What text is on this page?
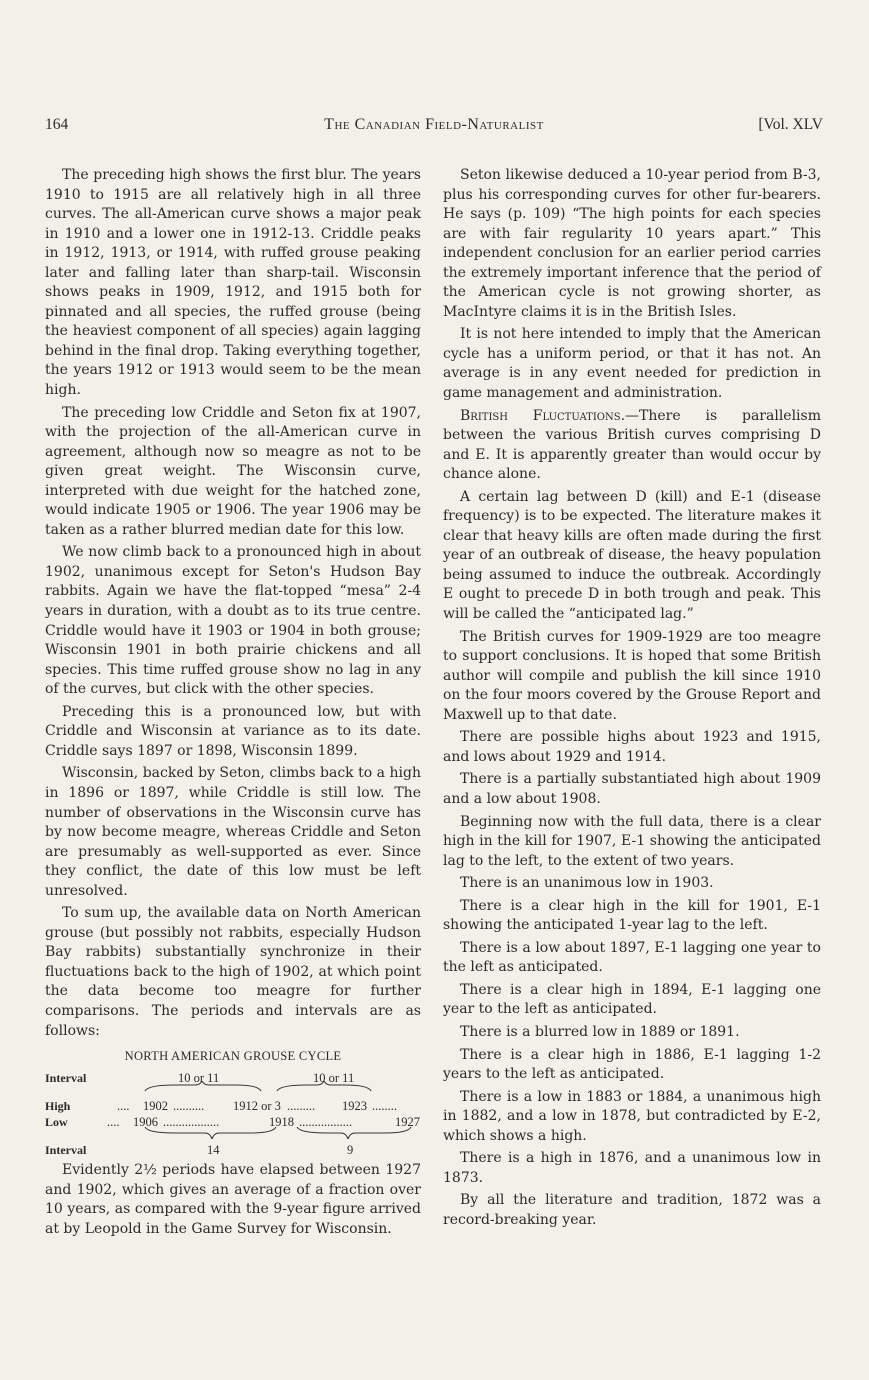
164	The Canadian Field-Naturalist	[Vol. XLV

The preceding high shows the first blur. The years 1910 to 1915 are all relatively high in all three curves. The all-American curve shows a major peak in 1910 and a lower one in 1912-13. Criddle peaks in 1912, 1913, or 1914, with ruffed grouse peaking later and falling later than sharp-tail. Wisconsin shows peaks in 1909, 1912, and 1915 both for pinnated and all species, the ruffed grouse (being the heaviest component of all species) again lagging behind in the final drop. Taking everything together, the years 1912 or 1913 would seem to be the mean high.

The preceding low Criddle and Seton fix at 1907, with the projection of the all-American curve in agreement, although now so meagre as not to be given great weight. The Wisconsin curve, interpreted with due weight for the hatched zone, would indicate 1905 or 1906. The year 1906 may be taken as a rather blurred median date for this low.

We now climb back to a pronounced high in about 1902, unanimous except for Seton's Hudson Bay rabbits. Again we have the flat-topped “mesa” 2-4 years in duration, with a doubt as to its true centre. Criddle would have it 1903 or 1904 in both grouse; Wisconsin 1901 in both prairie chickens and all species. This time ruffed grouse show no lag in any of the curves, but click with the other species.

Preceding this is a pronounced low, but with Criddle and Wisconsin at variance as to its date. Criddle says 1897 or 1898, Wisconsin 1899.

Wisconsin, backed by Seton, climbs back to a high in 1896 or 1897, while Criddle is still low. The number of observations in the Wisconsin curve has by now become meagre, whereas Criddle and Seton are presumably as well-supported as ever. Since they conflict, the date of this low must be left unresolved.

To sum up, the available data on North American grouse (but possibly not rabbits, especially Hudson Bay rabbits) substantially synchronize in their fluctuations back to the high of 1902, at which point the data become too meagre for further comparisons. The periods and intervals are as follows:

NORTH AMERICAN GROUSE CYCLE
Interval	10 or 11	10 or 11
High	.... 1902 .......... 1912 or 3 ......... 1923 ........
Low	.... 1906 ..................	1918 .................	1927
Interval	14	9

Evidently 2½ periods have elapsed between 1927 and 1902, which gives an average of a fraction over 10 years, as compared with the 9-year figure arrived at by Leopold in the Game Survey for Wisconsin.

Seton likewise deduced a 10-year period from B-3, plus his corresponding curves for other fur-bearers. He says (p. 109) “The high points for each species are with fair regularity 10 years apart.” This independent conclusion for an earlier period carries the extremely important inference that the period of the American cycle is not growing shorter, as MacIntyre claims it is in the British Isles.

It is not here intended to imply that the American cycle has a uniform period, or that it has not. An average is in any event needed for prediction in game management and administration.

British Fluctuations.—There is parallelism between the various British curves comprising D and E. It is apparently greater than would occur by chance alone.

A certain lag between D (kill) and E-1 (disease frequency) is to be expected. The literature makes it clear that heavy kills are often made during the first year of an outbreak of disease, the heavy population being assumed to induce the outbreak. Accordingly E ought to precede D in both trough and peak. This will be called the “anticipated lag.”

The British curves for 1909-1929 are too meagre to support conclusions. It is hoped that some British author will compile and publish the kill since 1910 on the four moors covered by the Grouse Report and Maxwell up to that date.

There are possible highs about 1923 and 1915, and lows about 1929 and 1914.

There is a partially substantiated high about 1909 and a low about 1908.

Beginning now with the full data, there is a clear high in the kill for 1907, E-1 showing the anticipated lag to the left, to the extent of two years.

There is an unanimous low in 1903.

There is a clear high in the kill for 1901, E-1 showing the anticipated 1-year lag to the left.

There is a low about 1897, E-1 lagging one year to the left as anticipated.

There is a clear high in 1894, E-1 lagging one year to the left as anticipated.

There is a blurred low in 1889 or 1891.

There is a clear high in 1886, E-1 lagging 1-2 years to the left as anticipated.

There is a low in 1883 or 1884, a unanimous high in 1882, and a low in 1878, but contradicted by E-2, which shows a high.

There is a high in 1876, and a unanimous low in 1873.

By all the literature and tradition, 1872 was a record-breaking year.
